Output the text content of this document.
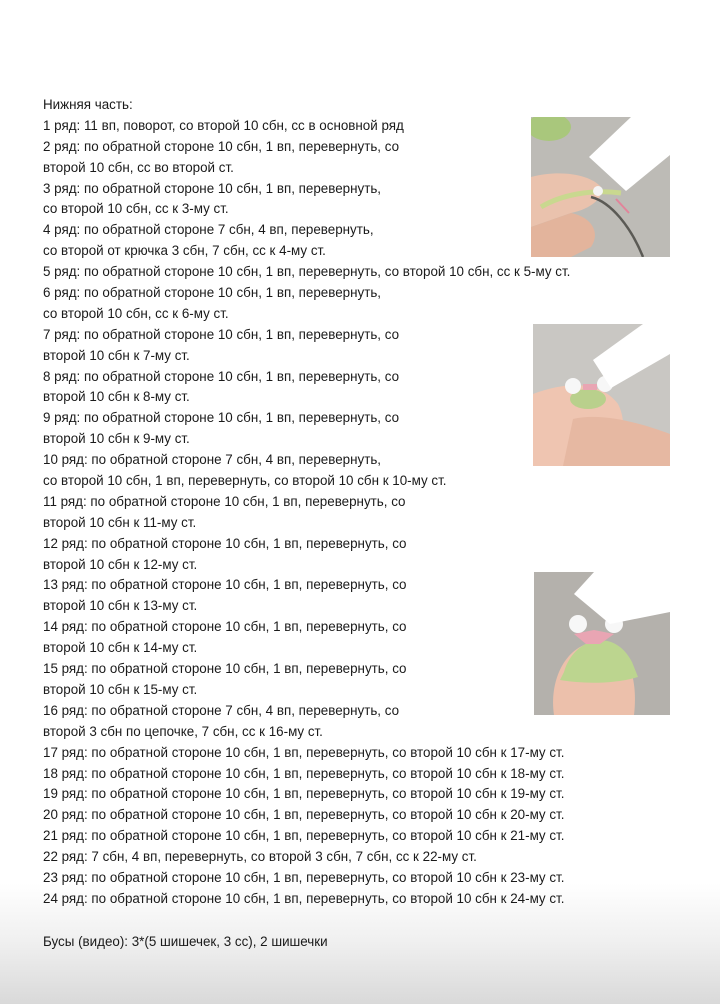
Нижняя часть:
1 ряд: 11 вп, поворот, со второй 10 сбн, сс в основной ряд
2 ряд: по обратной стороне 10 сбн, 1 вп, перевернуть, со
второй 10 сбн, сс во второй ст.
3 ряд: по обратной стороне 10 сбн, 1 вп, перевернуть,
со второй 10 сбн, сс к 3-му ст.
4 ряд: по обратной стороне 7 сбн, 4 вп, перевернуть,
со второй от крючка 3 сбн, 7 сбн, сс к 4-му ст.
5 ряд: по обратной стороне 10 сбн, 1 вп, перевернуть, со второй 10 сбн, сс к 5-му ст.
6 ряд: по обратной стороне 10 сбн, 1 вп, перевернуть,
со второй 10 сбн, сс к 6-му ст.
7 ряд: по обратной стороне 10 сбн, 1 вп, перевернуть, со
второй 10 сбн к 7-му ст.
8 ряд: по обратной стороне 10 сбн, 1 вп, перевернуть, со
второй 10 сбн к 8-му ст.
9 ряд: по обратной стороне 10 сбн, 1 вп, перевернуть, со
второй 10 сбн к 9-му ст.
10 ряд: по обратной стороне 7 сбн, 4 вп, перевернуть,
со второй 10 сбн, 1 вп, перевернуть, со второй 10 сбн к 10-му ст.
11 ряд: по обратной стороне 10 сбн, 1 вп, перевернуть, со
второй 10 сбн к 11-му ст.
12 ряд: по обратной стороне 10 сбн, 1 вп, перевернуть, со
второй 10 сбн к 12-му ст.
13 ряд: по обратной стороне 10 сбн, 1 вп, перевернуть, со
второй 10 сбн к 13-му ст.
14 ряд: по обратной стороне 10 сбн, 1 вп, перевернуть, со
второй 10 сбн к 14-му ст.
15 ряд: по обратной стороне 10 сбн, 1 вп, перевернуть, со
второй 10 сбн к 15-му ст.
16 ряд: по обратной стороне 7 сбн, 4 вп, перевернуть, со
второй 3 сбн по цепочке, 7 сбн, сс к 16-му ст.
17 ряд: по обратной стороне 10 сбн, 1 вп, перевернуть, со второй 10 сбн к 17-му ст.
18 ряд: по обратной стороне 10 сбн, 1 вп, перевернуть, со второй 10 сбн к 18-му ст.
19 ряд: по обратной стороне 10 сбн, 1 вп, перевернуть, со второй 10 сбн к 19-му ст.
20 ряд: по обратной стороне 10 сбн, 1 вп, перевернуть, со второй 10 сбн к 20-му ст.
21 ряд: по обратной стороне 10 сбн, 1 вп, перевернуть, со второй 10 сбн к 21-му ст.
22 ряд: 7 сбн, 4 вп, перевернуть, со второй 3 сбн, 7 сбн, сс к 22-му ст.
23 ряд: по обратной стороне 10 сбн, 1 вп, перевернуть, со второй 10 сбн к 23-му ст.
24 ряд: по обратной стороне 10 сбн, 1 вп, перевернуть, со второй 10 сбн к 24-му ст.
Бусы (видео): 3*(5 шишечек, 3 сс), 2 шишечки
